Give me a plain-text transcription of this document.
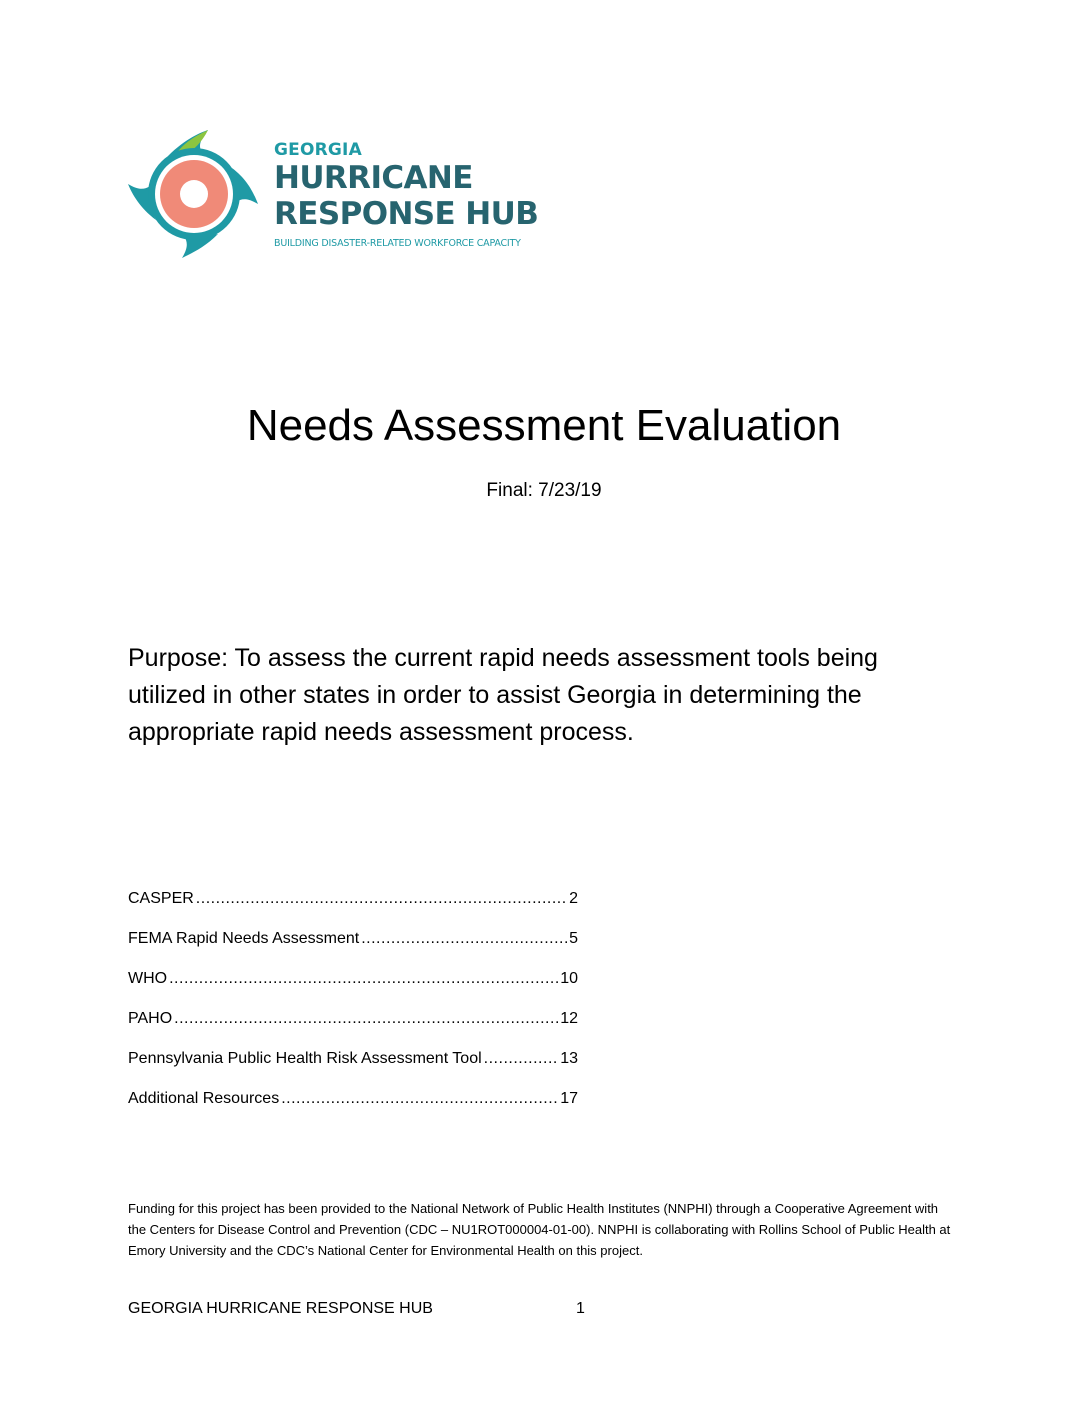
GEORGIA
HURRICANE
RESPONSE HUB
BUILDING DISASTER-RELATED WORKFORCE CAPACITY
Needs Assessment Evaluation
Final: 7/23/19
Purpose: To assess the current rapid needs assessment tools being utilized in other states in order to assist Georgia in determining the appropriate rapid needs assessment process.
CASPER .....	2
FEMA Rapid Needs Assessment .....	5
WHO .....	10
PAHO .....	12
Pennsylvania Public Health Risk Assessment Tool .....	13
Additional Resources .....	17
Funding for this project has been provided to the National Network of Public Health Institutes (NNPHI) through a Cooperative Agreement with the Centers for Disease Control and Prevention (CDC – NU1ROT000004-01-00). NNPHI is collaborating with Rollins School of Public Health at Emory University and the CDC’s National Center for Environmental Health on this project.
GEORGIA HURRICANE RESPONSE HUB	1
